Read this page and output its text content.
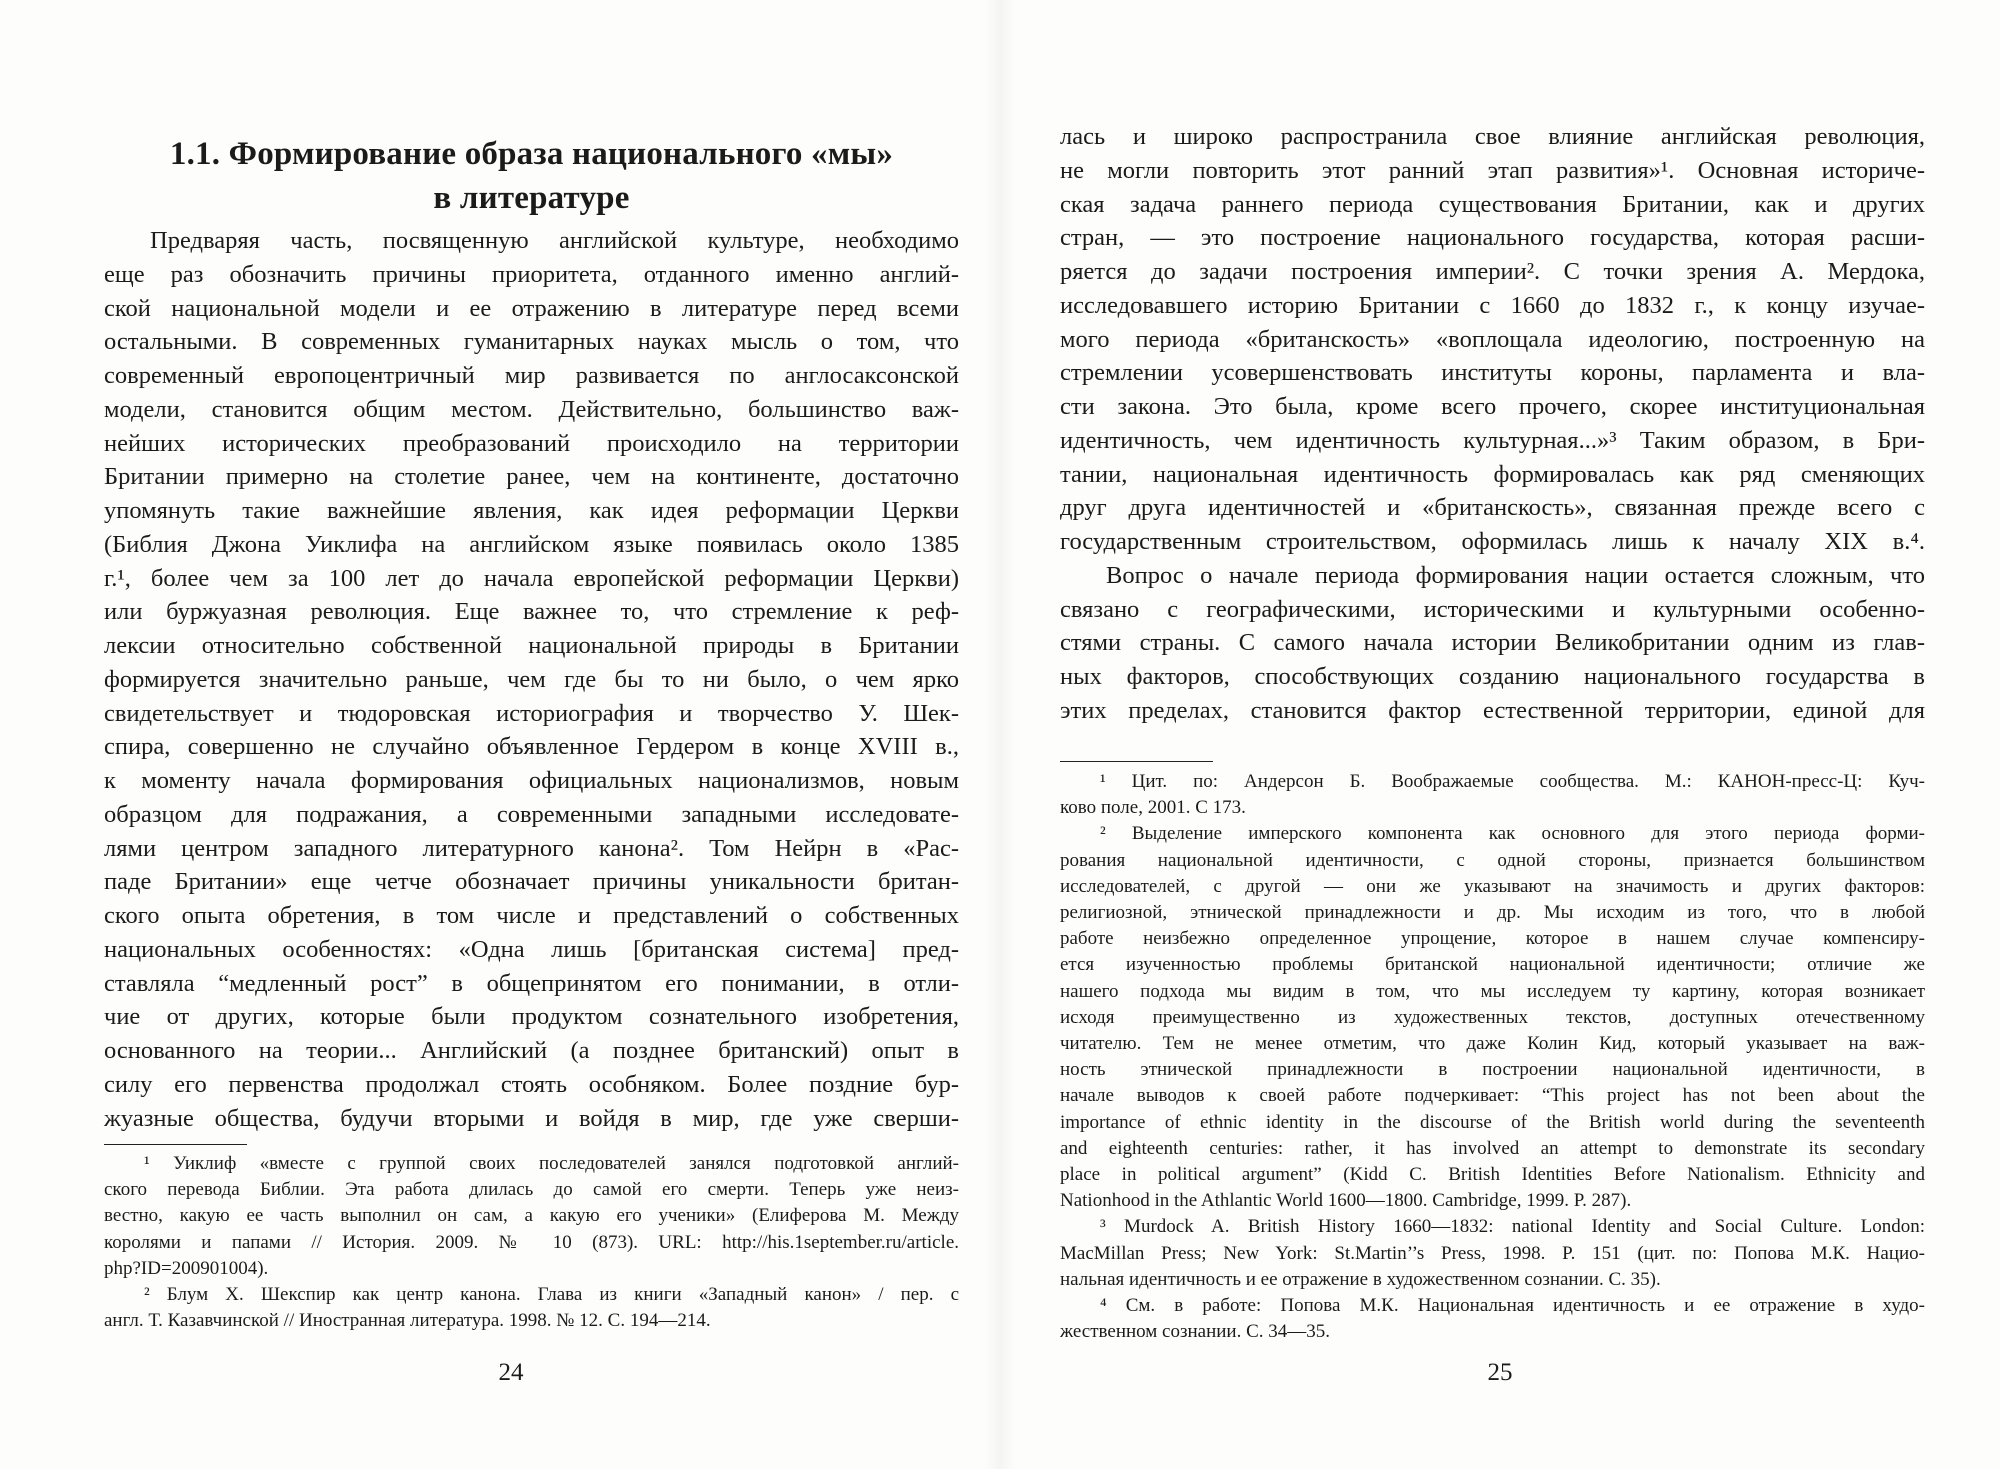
1.1. Формирование образа национального «мы»
в литературе
Предваряя часть, посвященную английской культуре, необходимо
еще раз обозначить причины приоритета, отданного именно англий-
ской национальной модели и ее отражению в литературе перед всеми
остальными. В современных гуманитарных науках мысль о том, что
современный европоцентричный мир развивается по англосаксонской
модели, становится общим местом. Действительно, большинство важ-
нейших исторических преобразований происходило на территории
Британии примерно на столетие ранее, чем на континенте, достаточно
упомянуть такие важнейшие явления, как идея реформации Церкви
(Библия Джона Уиклифа на английском языке появилась около 1385
г.¹, более чем за 100 лет до начала европейской реформации Церкви)
или буржуазная революция. Еще важнее то, что стремление к реф-
лексии относительно собственной национальной природы в Британии
формируется значительно раньше, чем где бы то ни было, о чем ярко
свидетельствует и тюдоровская историография и творчество У. Шек-
спира, совершенно не случайно объявленное Гердером в конце XVIII в.,
к моменту начала формирования официальных национализмов, новым
образцом для подражания, а современными западными исследовате-
лями центром западного литературного канона². Том Нейрн в «Рас-
паде Британии» еще четче обозначает причины уникальности британ-
ского опыта обретения, в том числе и представлений о собственных
национальных особенностях: «Одна лишь [британская система] пред-
ставляла “медленный рост” в общепринятом его понимании, в отли-
чие от других, которые были продуктом сознательного изобретения,
основанного на теории... Английский (а позднее британский) опыт в
силу его первенства продолжал стоять особняком. Более поздние бур-
жуазные общества, будучи вторыми и войдя в мир, где уже сверши-
¹ Уиклиф «вместе с группой своих последователей занялся подготовкой англий-
ского перевода Библии. Эта работа длилась до самой его смерти. Теперь уже неиз-
вестно, какую ее часть выполнил он сам, а какую его ученики» (Елиферова М. Между
королями и папами // История. 2009. № 10 (873). URL: http://his.1september.ru/article.
php?ID=200901004).
² Блум Х. Шекспир как центр канона. Глава из книги «Западный канон» / пер. с
англ. Т. Казавчинской // Иностранная литература. 1998. № 12. С. 194—214.
24
лась и широко распространила свое влияние английская революция,
не могли повторить этот ранний этап развития»¹. Основная историче-
ская задача раннего периода существования Британии, как и других
стран, — это построение национального государства, которая расши-
ряется до задачи построения империи². С точки зрения А. Мердока,
исследовавшего историю Британии с 1660 до 1832 г., к концу изучае-
мого периода «британскость» «воплощала идеологию, построенную на
стремлении усовершенствовать институты короны, парламента и вла-
сти закона. Это была, кроме всего прочего, скорее институциональная
идентичность, чем идентичность культурная...»³ Таким образом, в Бри-
тании, национальная идентичность формировалась как ряд сменяющих
друг друга идентичностей и «британскость», связанная прежде всего с
государственным строительством, оформилась лишь к началу XIX в.⁴.
Вопрос о начале периода формирования нации остается сложным, что
связано с географическими, историческими и культурными особенно-
стями страны. С самого начала истории Великобритании одним из глав-
ных факторов, способствующих созданию национального государства в
этих пределах, становится фактор естественной территории, единой для
¹ Цит. по: Андерсон Б. Воображаемые сообщества. М.: КАНОН-пресс-Ц: Куч-
ково поле, 2001. С 173.
² Выделение имперского компонента как основного для этого периода форми-
рования национальной идентичности, с одной стороны, признается большинством
исследователей, с другой — они же указывают на значимость и других факторов:
религиозной, этнической принадлежности и др. Мы исходим из того, что в любой
работе неизбежно определенное упрощение, которое в нашем случае компенсиру-
ется изученностью проблемы британской национальной идентичности; отличие же
нашего подхода мы видим в том, что мы исследуем ту картину, которая возникает
исходя преимущественно из художественных текстов, доступных отечественному
читателю. Тем не менее отметим, что даже Колин Кид, который указывает на важ-
ность этнической принадлежности в построении национальной идентичности, в
начале выводов к своей работе подчеркивает: “This project has not been about the
importance of ethnic identity in the discourse of the British world during the seventeenth
and eighteenth centuries: rather, it has involved an attempt to demonstrate its secondary
place in political argument” (Kidd C. British Identities Before Nationalism. Ethnicity and
Nationhood in the Athlantic World 1600—1800. Cambridge, 1999. P. 287).
³ Murdock A. British History 1660—1832: national Identity and Social Culture. London:
MacMillan Press; New York: St.Martin’’s Press, 1998. P. 151 (цит. по: Попова М.К. Нацио-
нальная идентичность и ее отражение в художественном сознании. С. 35).
⁴ См. в работе: Попова М.К. Национальная идентичность и ее отражение в худо-
жественном сознании. С. 34—35.
25
